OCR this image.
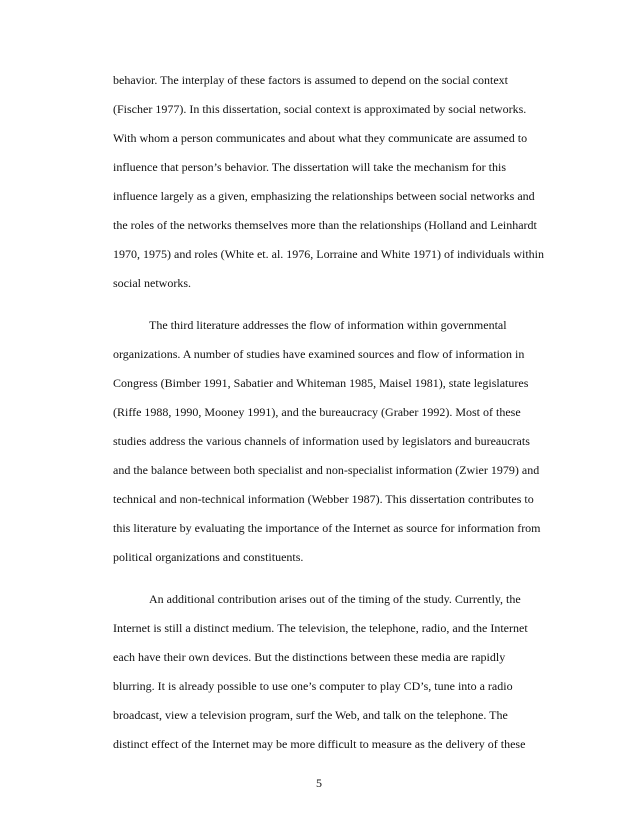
behavior. The interplay of these factors is assumed to depend on the social context
(Fischer 1977). In this dissertation, social context is approximated by social networks.
With whom a person communicates and about what they communicate are assumed to
influence that person’s behavior. The dissertation will take the mechanism for this
influence largely as a given, emphasizing the relationships between social networks and
the roles of the networks themselves more than the relationships (Holland and Leinhardt
1970, 1975) and roles (White et. al. 1976, Lorraine and White 1971) of individuals within
social networks.
The third literature addresses the flow of information within governmental
organizations. A number of studies have examined sources and flow of information in
Congress (Bimber 1991, Sabatier and Whiteman 1985, Maisel 1981), state legislatures
(Riffe 1988, 1990, Mooney 1991), and the bureaucracy (Graber 1992). Most of these
studies address the various channels of information used by legislators and bureaucrats
and the balance between both specialist and non-specialist information (Zwier 1979) and
technical and non-technical information (Webber 1987). This dissertation contributes to
this literature by evaluating the importance of the Internet as source for information from
political organizations and constituents.
An additional contribution arises out of the timing of the study. Currently, the
Internet is still a distinct medium. The television, the telephone, radio, and the Internet
each have their own devices. But the distinctions between these media are rapidly
blurring. It is already possible to use one’s computer to play CD’s, tune into a radio
broadcast, view a television program, surf the Web, and talk on the telephone. The
distinct effect of the Internet may be more difficult to measure as the delivery of these
5
